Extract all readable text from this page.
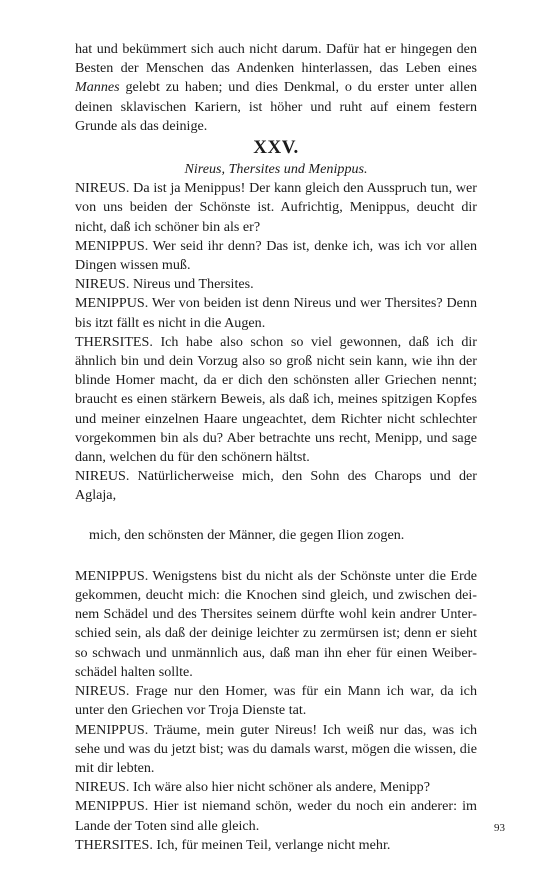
hat und bekümmert sich auch nicht darum. Dafür hat er hingegen den Besten der Menschen das Andenken hinterlassen, das Leben eines Mannes gelebt zu haben; und dies Denkmal, o du erster unter allen deinen sklavischen Kariern, ist höher und ruht auf einem festern Grunde als das deinige.

XXV.

Nireus, Thersites und Menippus.

NIREUS. Da ist ja Menippus! Der kann gleich den Ausspruch tun, wer von uns beiden der Schönste ist. Aufrichtig, Menippus, deucht dir nicht, daß ich schöner bin als er?

MENIPPUS. Wer seid ihr denn? Das ist, denke ich, was ich vor allen Dingen wissen muß.

NIREUS. Nireus und Thersites.

MENIPPUS. Wer von beiden ist denn Nireus und wer Thersites? Denn bis itzt fällt es nicht in die Augen.

THERSITES. Ich habe also schon so viel gewonnen, daß ich dir ähnlich bin und dein Vorzug also so groß nicht sein kann, wie ihn der blinde Homer macht, da er dich den schönsten aller Griechen nennt; braucht es einen stärkern Beweis, als daß ich, meines spitzigen Kopfes und meiner einzelnen Haare ungeachtet, dem Richter nicht schlechter vorgekommen bin als du? Aber betrachte uns recht, Menipp, und sage dann, welchen du für den schönern hältst.

NIREUS. Natürlicherweise mich, den Sohn des Charops und der Aglaja,

mich, den schönsten der Männer, die gegen Ilion zogen.

MENIPPUS. Wenigstens bist du nicht als der Schönste unter die Erde gekommen, deucht mich: die Knochen sind gleich, und zwischen deinem Schädel und des Thersites seinem dürfte wohl kein andrer Unterschied sein, als daß der deinige leichter zu zermürsen ist; denn er sieht so schwach und unmännlich aus, daß man ihn eher für einen Weiberschädel halten sollte.

NIREUS. Frage nur den Homer, was für ein Mann ich war, da ich unter den Griechen vor Troja Dienste tat.

MENIPPUS. Träume, mein guter Nireus! Ich weiß nur das, was ich sehe und was du jetzt bist; was du damals warst, mögen die wissen, die mit dir lebten.

NIREUS. Ich wäre also hier nicht schöner als andere, Menipp?

MENIPPUS. Hier ist niemand schön, weder du noch ein anderer: im Lande der Toten sind alle gleich.

THERSITES. Ich, für meinen Teil, verlange nicht mehr.

93
